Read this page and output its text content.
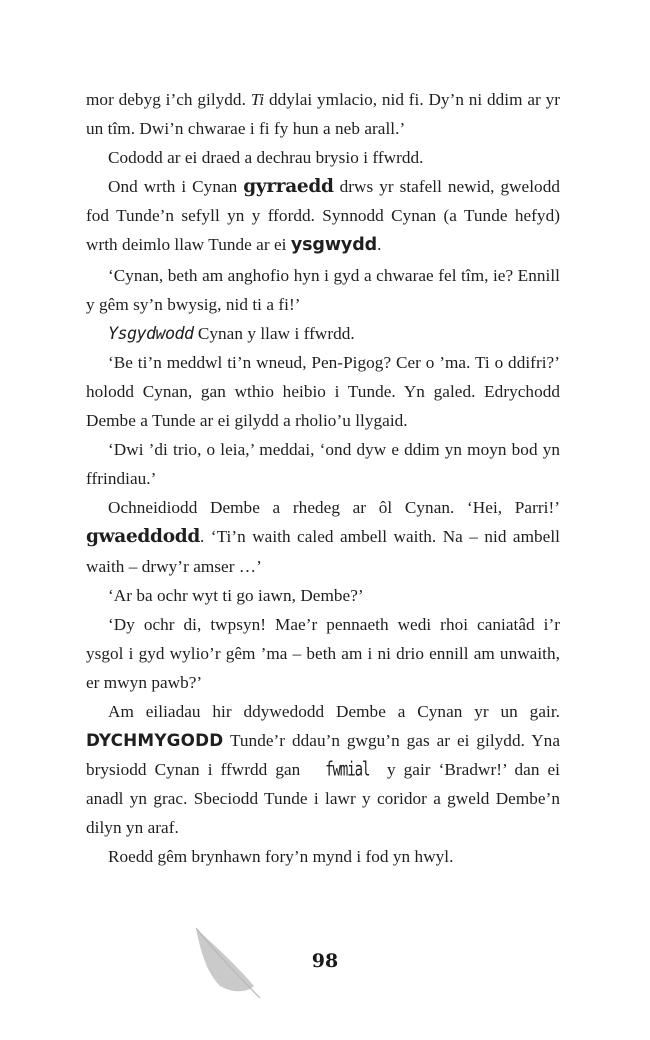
mor debyg i’ch gilydd. Ti ddylai ymlacio, nid fi. Dy’n ni ddim ar yr un tîm. Dwi’n chwarae i fi fy hun a neb arall.’

Cododd ar ei draed a dechrau brysio i ffwrdd.

Ond wrth i Cynan gyrraedd drws yr stafell newid, gwelodd fod Tunde’n sefyll yn y ffordd. Synnodd Cynan (a Tunde hefyd) wrth deimlo llaw Tunde ar ei ysgwydd.

‘Cynan, beth am anghofio hyn i gyd a chwarae fel tîm, ie? Ennill y gêm sy’n bwysig, nid ti a fi!’

Ysgydwodd Cynan y llaw i ffwrdd.

‘Be ti’n meddwl ti’n wneud, Pen-Pigog? Cer o ’ma. Ti o ddifri?’ holodd Cynan, gan wthio heibio i Tunde. Yn galed. Edrychodd Dembe a Tunde ar ei gilydd a rholio’u llygaid.

‘Dwi ’di trio, o leia,’ meddai, ‘ond dyw e ddim yn moyn bod yn ffrindiau.’

Ochneidiodd Dembe a rhedeg ar ôl Cynan. ‘Hei, Parri!’ gwaeddodd. ‘Ti’n waith caled ambell waith. Na – nid ambell waith – drwy’r amser …’

‘Ar ba ochr wyt ti go iawn, Dembe?’

‘Dy ochr di, twpsyn! Mae’r pennaeth wedi rhoi caniatâd i’r ysgol i gyd wylio’r gêm ’ma – beth am i ni drio ennill am unwaith, er mwyn pawb?’

Am eiliadau hir ddywedodd Dembe a Cynan yr un gair. DYCHMYGODD Tunde’r ddau’n gwgu’n gas ar ei gilydd. Yna brysiodd Cynan i ffwrdd gan fwmial y gair ‘Bradwr!’ dan ei anadl yn grac. Sbeciodd Tunde i lawr y coridor a gweld Dembe’n dilyn yn araf.

Roedd gêm brynhawn fory’n mynd i fod yn hwyl.

98
